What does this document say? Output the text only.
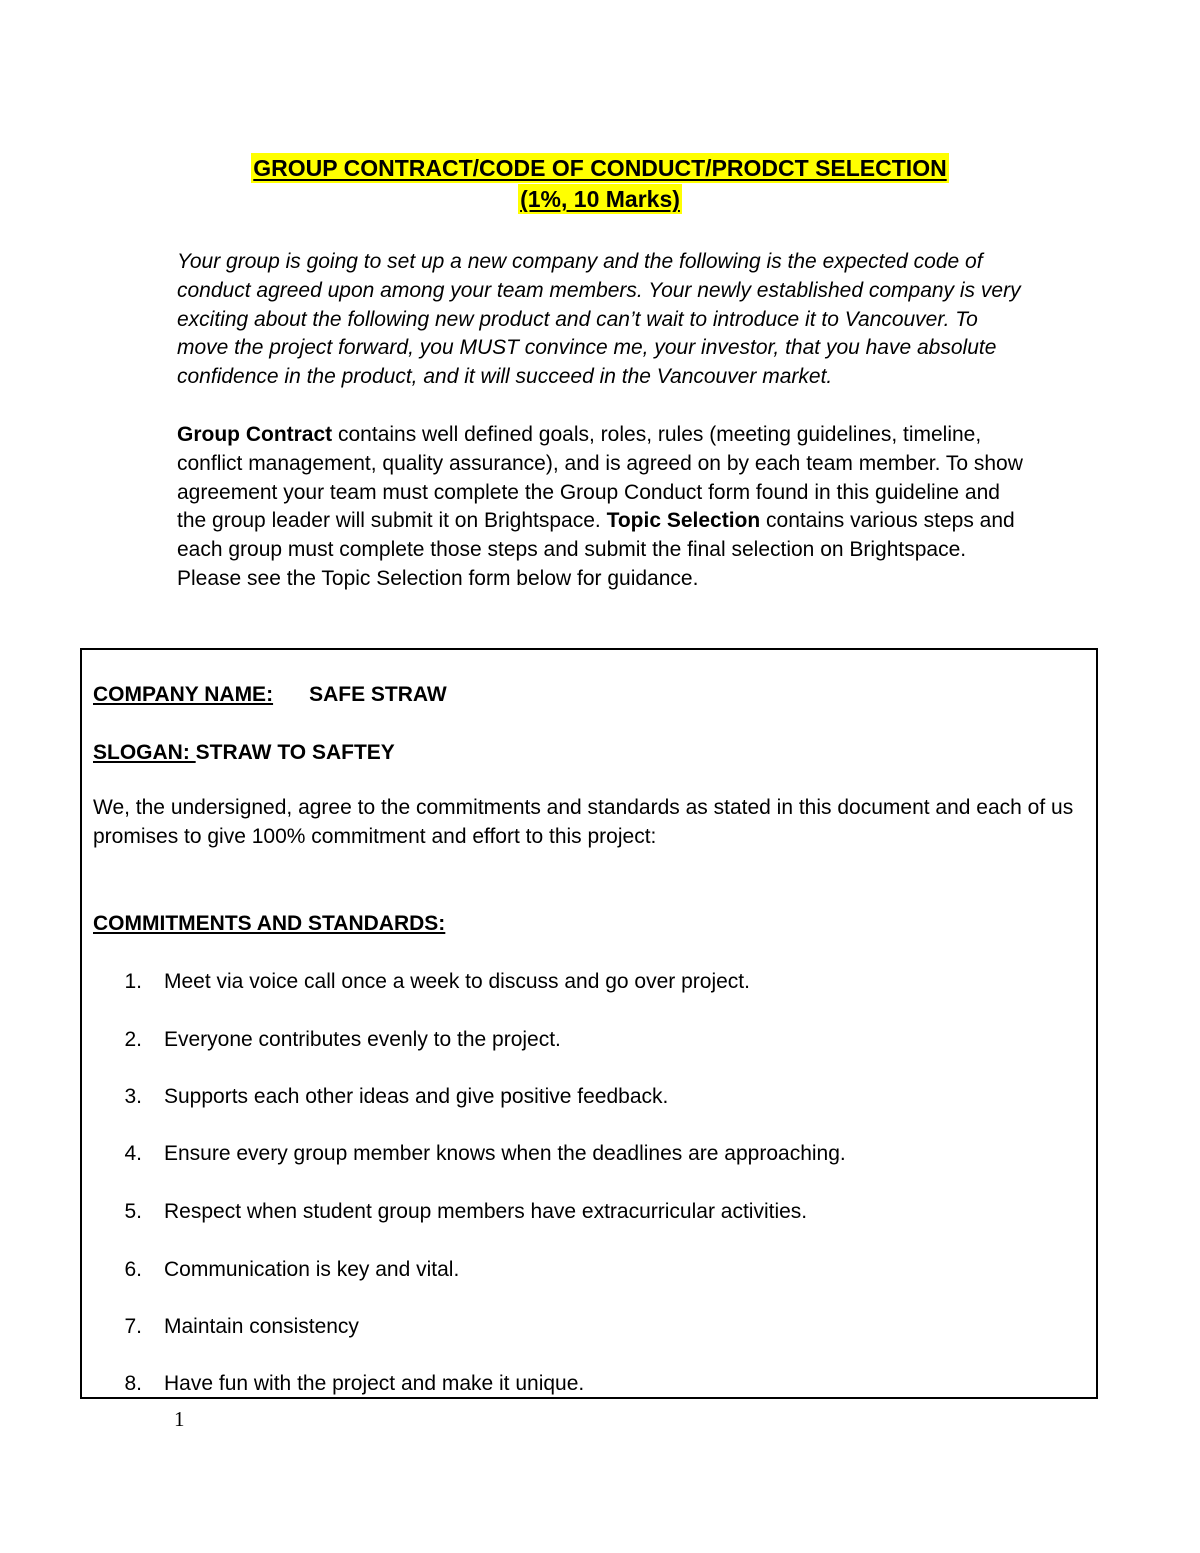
GROUP CONTRACT/CODE OF CONDUCT/PRODCT SELECTION
(1%, 10 Marks)
Your group is going to set up a new company and the following is the expected code of conduct agreed upon among your team members. Your newly established company is very exciting about the following new product and can’t wait to introduce it to Vancouver. To move the project forward, you MUST convince me, your investor, that you have absolute confidence in the product, and it will succeed in the Vancouver market.
Group Contract contains well defined goals, roles, rules (meeting guidelines, timeline, conflict management, quality assurance), and is agreed on by each team member. To show agreement your team must complete the Group Conduct form found in this guideline and the group leader will submit it on Brightspace. Topic Selection contains various steps and each group must complete those steps and submit the final selection on Brightspace. Please see the Topic Selection form below for guidance.
COMPANY NAME: SAFE STRAW
SLOGAN: STRAW TO SAFTEY
We, the undersigned, agree to the commitments and standards as stated in this document and each of us promises to give 100% commitment and effort to this project:
COMMITMENTS AND STANDARDS:
1. Meet via voice call once a week to discuss and go over project.
2. Everyone contributes evenly to the project.
3. Supports each other ideas and give positive feedback.
4. Ensure every group member knows when the deadlines are approaching.
5. Respect when student group members have extracurricular activities.
6. Communication is key and vital.
7. Maintain consistency
8. Have fun with the project and make it unique.
1
